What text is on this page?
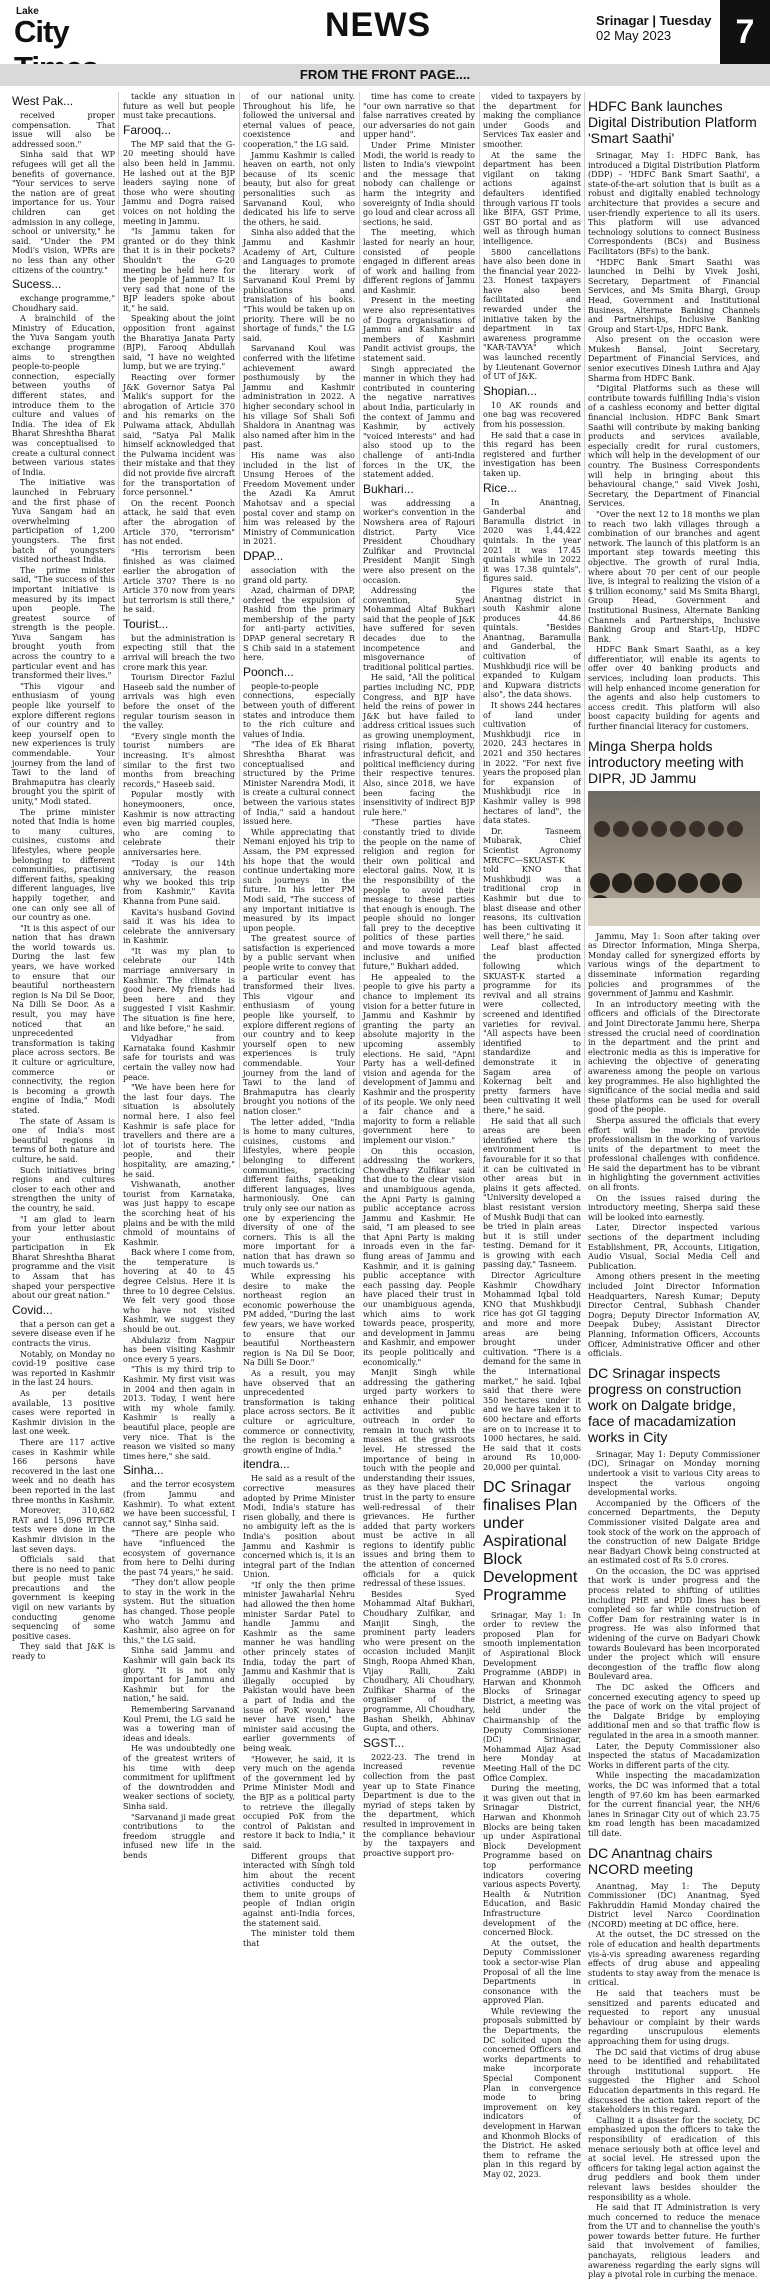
Lake
City	NEWS	Srinagar | Tuesday
02 May 2023	7
FROM THE FRONT PAGE....
West Pak...

received proper compensation. That issue will also be addressed soon."

Sinha said that WP refugees will get all the benefits of governance. "Your services to serve the nation are of great importance for us. Your children can get admission in any college, school or university," he said. "Under the PM Modi's vision, WPRs are no less than any other citizens of the country."

Sucess...

exchange programme," Choudhary said.

A brainchild of the Ministry of Education, the Yuva Sangam youth exchange programme aims to strengthen people-to-people connection, especially between youths of different states, and introduce them to the culture and values of India. The idea of Ek Bharat Shreshtha Bharat was conceptualised to create a cultural connect between various states of India.

The initiative was launched in February and the first phase of Yuva Sangam had an overwhelming participation of 1,200 youngsters. The first batch of youngsters visited northeast India.

The prime minister said, "The success of this important initiative is measured by its impact upon people. The greatest source of strength is the people. Yuva Sangam has brought youth from across the country to a particular event and has transformed their lives."

"This vigour and enthusiasm of young people like yourself to explore different regions of our country and to keep yourself open to new experiences is truly commendable. Your journey from the land of Tawi to the land of Brahmaputra has clearly brought you the spirit of unity," Modi stated.

The prime minister noted that India is home to many cultures, cuisines, customs and lifestyles, where people belonging to different communities, practising different faiths, speaking different languages, live happily together, and one can only see all of our country as one.

"It is this aspect of our nation that has drawn the world towards us. During the last few years, we have worked to ensure that our beautiful northeastern region is Na Dil Se Door, Na Dilli Se Door. As a result, you may have noticed that an unprecedented transformation is taking place across sectors. Be it culture or agriculture, commerce or connectivity, the region is becoming a growth engine of India," Modi stated.

The state of Assam is one of India's most beautiful regions in terms of both nature and culture, he said.

Such initiatives bring regions and cultures closer to each other and strengthen the unity of the country, he said.

"I am glad to learn from your letter about your enthusiastic participation in Ek Bharat Shreshtha Bharat programme and the visit to Assam that has shaped your perspective about our great nation."

Covid...

that a person can get a severe disease even if he contracts the virus.

Notably, on Monday no covid-19 positive case was reported in Kashmir in the last 24 hours.

As per details available, 13 positive cases were reported in Kashmir division in the last one week.

There are 117 active cases in Kashmir while 166 persons have recovered in the last one week and no death has been reported in the last three months in Kashmir.

Moreover, 310,682 RAT and 15,096 RTPCR tests were done in the Kashmir division in the last seven days.

Officials said that there is no need to panic but people must take precautions and the government is keeping vigil on new variants by conducting genome sequencing of some positive cases.

They said that J&K is ready to

tackle any situation in future as well but people must take precautions.

Farooq...

The MP said that the G-20 meeting should have also been held in Jammu. He lashed out at the BJP leaders saying none of those who were shouting Jammu and Dogra raised voices on not holding the meeting in Jammu.

"Is Jammu taken for granted or do they think that it is in their pockets? Shouldn't the G-20 meeting be held here for the people of Jammu? It is very sad that none of the BJP leaders spoke about it," he said.

Speaking about the joint opposition front against the Bharatiya Janata Party (BJP), Farooq Abdullah said, "I have no weighted lump, but we are trying."

Reacting over former J&K Governor Satya Pal Malik's support for the abrogation of Article 370 and his remarks on the Pulwama attack, Abdullah said, "Satya Pal Malik himself acknowledged that the Pulwama incident was their mistake and that they did not provide five aircraft for the transportation of force personnel."

On the recent Poonch attack, he said that even after the abrogation of Article 370, "terrorism" has not ended.

"His terrorism been finished as was claimed earlier the abrogation of Article 370? There is no Article 370 now from years but terrorism is still there," he said.

Tourist...

but the administration is expecting still that the arrival will breach the two crore mark this year.

Tourism Director Fazlul Haseeb said the number of arrivals was high even before the onset of the regular tourism season in the valley.

"Every single month the tourist numbers are increasing. It's almost similar to the first two months from breaching records," Haseeb said.

Popular mostly with honeymooners, once, Kashmir is now attracting even big married couples, who are coming to celebrate their anniversaries here.

"Today is our 14th anniversary, the reason why we booked this trip from Kashmir," Kavita Khanna from Pune said.

Kavita's husband Govind said it was his idea to celebrate the anniversary in Kashmir.

"It was my plan to celebrate our 14th marriage anniversary in Kashmir. The climate is good here. My friends had been here and they suggested I visit Kashmir. The situation is fine here, and like before," he said.

Vidyadhar from Karnataka found Kashmir safe for tourists and was certain the valley now had peace.

"We have been here for the last four days. The situation is absolutely normal here. I also feel Kashmir is safe place for travellers and there are a lot of tourists here. The people, and their hospitality, are amazing," he said.

Vishwanath, another tourist from Karnataka, was just happy to escape the scorching heat of his plains and be with the mild chmold of mountains of Kashmir.

Back where I come from, the temperature is hovering at 40 to 45 degree Celsius. Here it is three to 10 degree Celsius. We felt very good those who have not visited Kashmir, we suggest they should be out.

Abdulaziz from Nagpur has been visiting Kashmir once every 5 years.

"This is my third trip to Kashmir. My first visit was in 2004 and then again in 2013. Today, I went here with my whole family. Kashmir is really a beautiful place, people are very nice. That is the reason we visited so many times here," she said.

Sinha...

and the terror ecosystem (from Jammu and Kashmir). To what extent we have been successful, I cannot say," Sinha said.

"There are people who have "influenced the ecosystem of governance from here to Delhi during the past 74 years," he said.

"They don't allow people to stay in the work in the system. But the situation has changed. Those people who watch Jammu and Kashmir, also agree on for this," the LG said.

Sinha said Jammu and Kashmir will gain back its glory. "It is not only important for Jammu and Kashmir but for the nation," he said.

Remembering Sarvanand Koul Premi, the LG said he was a towering man of ideas and ideals.

He was undoubtedly one of the greatest writers of his time with deep commitment for upliftment of the downtrodden and weaker sections of society, Sinha said.

"Sarvanand ji made great contributions to the freedom struggle and infused new life in the bends

of our national unity. Throughout his life, he followed the universal and eternal values of peace, coexistence and cooperation," the LG said.

Jammu Kashmir is called heaven on earth, not only because of its scenic beauty, but also for great personalities such as Sarvanand Koul, who dedicated his life to serve the others, he said.

Sinha also added that the Jammu and Kashmir Academy of Art, Culture and Languages to promote the literary work of Sarvanand Koul Premi by publications and translation of his books. "This would be taken up on priority. There will be no shortage of funds," the LG said.

Sarvanand Koul was conferred with the lifetime achievement award posthumously by the Jammu and Kashmir administration in 2022. A higher secondary school in his village Sof Shali Sofi Shaldora in Anantnag was also named after him in the past.

His name was also included in the list of Unsung Heroes of the Freedom Movement under the Azadi Ka Amrut Mahotsav and a special postal cover and stamp on him was released by the Ministry of Communication in 2021.

DPAP...

association with the grand old party.

Azad, chairman of DPAP, ordered the expulsion of Rashid from the primary membership of the party for anti-party activities, DPAP general secretary R S Chib said in a statement here.

Poonch...

people-to-people connections, especially between youth of different states and introduce them to the rich culture and values of India.

"The idea of Ek Bharat Shreshtha Bharat was conceptualised and structured by the Prime Minister Narendra Modi, it is create a cultural connect between the various states of India," said a handout issued here.

While appreciating that Nemani enjoyed his trip to Assam, the PM expressed his hope that the would continue undertaking more such journeys in the future. In his letter PM Modi said, "The success of any important initiative is measured by its impact upon people.

The greatest source of satisfaction is experienced by a public servant when people write to convey that a particular event has transformed their lives. This vigour and enthusiasm of young people like yourself, to explore different regions of our country and to keep yourself open to new experiences is truly commendable. Your journey from the land of Tawi to the land of Brahmaputra has clearly brought you notions of the nation closer."

The letter added, "India is home to many cultures, cuisines, customs and lifestyles, where people belonging to different communities, practicing different faiths, speaking different languages, lives harmoniously. One can truly only see our nation as one by experiencing the diversity of one of the corners. This is all the more important for a nation that has drawn so much towards us."

While expressing his desire to make the northeast region an economic powerhouse the PM added, "During the last few years, we have worked to ensure that our beautiful Northeastern region is Na Dil Se Door, Na Dilli Se Door."

As a result, you may have observed that an unprecedented transformation is taking place across sectors. Be it culture or agriculture, commerce or connectivity, the region is becoming a growth engine of India."

itendra...

He said as a result of the corrective measures adopted by Prime Minister Modi, India's stature has risen globally, and there is no ambiguity left as the is India's position about Jammu and Kashmir is concerned which is, it is an integral part of the Indian Union.

"If only the then prime minister Jawaharlal Nehru had allowed the then home minister Sardar Patel to handle Jammu and Kashmir as the same manner he was handling other princely states of India, today the part of Jammu and Kashmir that is illegally occupied by Pakistan would have been a part of India and the issue of PoK would have never have risen," the minister said accusing the earlier governments of being weak.

"However, he said, it is very much on the agenda of the government led by Prime Minister Modi and the BJP as a political party to retrieve the illegally occupied PoK from the control of Pakistan and restore it back to India," it said.

Different groups that interacted with Singh told him about the recent activities conducted by them to unite groups of people of Indian origin against anti-India forces, the statement said.

The minister told them that

time has come to create "our own narrative so that false narratives created by our adversaries do not gain upper hand".

Under Prime Minister Modi, the world is ready to listen to India's viewpoint and the message that nobody can challenge or harm the integrity and sovereignty of India should go loud and clear across all sections, he said.

The meeting, which lasted for nearly an hour, consisted of people engaged in different areas of work and hailing from different regions of Jammu and Kashmir.

Present in the meeting were also representatives of Dogra organisations of Jammu and Kashmir and members of Kashmiri Pandit activist groups, the statement said.

Singh appreciated the manner in which they had contributed in countering the negative narratives about India, particularly in the context of Jammu and Kashmir, by actively "voiced interests" and had also stood up to the challenge of anti-India forces in the UK, the statement added.

Bukhari...

was addressing a worker's convention in the Nowshera area of Rajouri district. Party Vice President Choudhary Zulfikar and Provincial President Manjit Singh were also present on the occasion.

Addressing the convention, Syed Mohammad Altaf Bukhari said that the people of J&K have suffered for seven decades due to the incompetence and misgovernance of traditional political parties.

He said, "All the political parties including NC, PDP, Congress, and BJP have held the reins of power in J&K but have failed to address critical issues such as growing unemployment, rising inflation, poverty, infrastructural deficit, and political inefficiency during their respective tenures. Also, since 2018, we have been facing the insensitivity of indirect BJP rule here."

"These parties have constantly tried to divide the people on the name of religion and region for their own political and electoral gains. Now, it is the responsibility of the people to avoid their message to these parties that enough is enough. The people should no longer fall prey to the deceptive politics of these parties and move towards a more inclusive and unified future," Bukhari added.

He appealed to the people to give his party a chance to implement its vision for a better future in Jammu and Kashmir by granting the party an absolute majority in the upcoming assembly elections. He said, "Apni Party has a well-defined vision and agenda for the development of Jammu and Kashmir and the prosperity of its people. We only need a fair chance and a majority to form a reliable government here to implement our vision."

On this occasion, addressing the workers, Chowdhary Zulfikar said that due to the clear vision and unambiguous agenda, the Apni Party is gaining public acceptance across Jammu and Kashmir. He said, "I am pleased to see that Apni Party is making inroads even in the far-flung areas of Jammu and Kashmir, and it is gaining public acceptance with each passing day. People have placed their trust in our unambiguous agenda, which aims to work towards peace, prosperity, and development in Jammu and Kashmir, and empower its people politically and economically."

Manjit Singh while addressing the gathering urged party workers to enhance their political activities and public outreach in order to remain in touch with the masses at the grassroots level. He stressed the importance of being in touch with the people and understanding their issues, as they have placed their trust in the party to ensure well-redressal of their grievances. He further added that party workers must be active in all regions to identify public issues and bring them to the attention of concerned officials for a quick redressal of these issues.

Besides Syed Mohammad Altaf Bukhari, Choudhary Zulfikar, and Manjit Singh, the prominent party leaders who were present on the occasion included Manjit Singh, Roopa Ahmed Khan, Vijay Ralli, Zaki Choudhary, Ali Choudhary, Zulfikar Sharma of the organiser of the programme, Ali Choudhary, Bashan Sheikh, Abhinav Gupta, and others.

SGST...

2022-23. The trend in increased revenue collection from the past year up to State Finance Department is due to the myriad of steps taken by the department, which resulted in improvement in the compliance behaviour by the taxpayers and proactive support pro-

vided to taxpayers by the department for making the compliance under Goods and Services Tax easier and smoother.

At the same the department has been vigilant on taking actions against defaulters identified through various IT tools like BIFA, GST Prime, GST BO portal and as well as through human intelligence.

5800 cancellations have also been done in the financial year 2022-23. Honest taxpayers have also been facilitated and rewarded under the initiative taken by the department in tax awareness programme "KAR-TAVYA" which was launched recently by Lieutenant Governor of UT of J&K.

Shopian...

10 AK rounds and one bag was recovered from his possession.

He said that a case in this regard has been registered and further investigation has been taken up.

Rice...

In Anantnag, Ganderbal and Baramulla district in 2020 was 1,44,422 quintals. In the year 2021 it was 17.45 quintals while in 2022 it was 17.38 quintals", figures said.

Figures state that Anantnag district in south Kashmir alone produces 44.86 quintals. "Besides Anantnag, Baramulla and Ganderbal, the cultivation of Mushkbudji rice will be expanded to Kulgam and Kupwara districts also", the data shows.

It shows 244 hectares of land under cultivation of Mushkbudji rice in 2020, 243 hectares in 2021 and 350 hectares in 2022. "For next five years the proposed plan for expansion of Mushkbudji rice in Kashmir valley is 998 hectares of land", the data states.

Dr. Tasneem Mubarak, Chief Scientist Agronomy MRCFC—SKUAST-K told KNO that Mushkbudji was a traditional crop in Kashmir but due to blast disease and other reasons, its cultivation has been cultivating it well there," he said.

Leaf blast affected the production following which SKUAST-K started a programme for its revival and all strains were collected, screened and identified varieties for revival. "All aspects have been identified to standardize and demonstrate it in Sagam area of Kokernag belt and pretty farmers have been cultivating it well there," he said.

He said that all such areas are been identified where the environment is favourable for it so that it can be cultivated in other areas but in plains it gets affected. "University developed a blast resistant version of Mushk Budji that can be tried in plain areas but it is still under testing. Demand for it is growing with each passing day," Tasneem.

Director Agriculture Kashmir Chowdhary Mohammad Iqbal told KNO that Mushkbudji rice has got GI tagging and more and more areas are being brought under cultivation. "There is a demand for the same in the international market," he said. Iqbal said that there were 350 hectares under it and we have taken it to 600 hectare and efforts are on to increase it to 1000 hectares, he said. He said that it costs around Rs 10,000-20,000 per quintal.

DC Srinagar finalises Plan under Aspirational Block Development Programme

Srinagar, May 1: In order to review the proposed Plan for smooth implementation of Aspirational Block Development Programme (ABDP) in Harwan and Khonmoh Blocks of Srinagar District, a meeting was held under the Chairmanship of the Deputy Commissioner (DC) Srinagar, Mohammad Aijaz Asad here Monday at Meeting Hall of the DC Office Complex.

During the meeting, it was given out that in Srinagar District, Harwan and Khonmoh Blocks are being taken up under Aspirational Block Development Programme based on top performance indicators covering various aspects Poverty, Health & Nutrition Education, and Basic Infrastructure development of the concerned Block.

At the outset, the Deputy Commissioner took a sector-wise Plan Proposal of all the line Departments in consonance with the approved Plan.

While reviewing the proposals submitted by the Departments, the DC solicited upon the concerned Officers and works departments to make incorporate Special Component Plan in convergence mode to bring improvement on key indicators of development in Harwan and Khonmoh Blocks of the District. He asked them to reframe the plan in this regard by May 02, 2023.

HDFC Bank launches Digital Distribution Platform 'Smart Saathi'

Srinagar, May 1: HDFC Bank, has introduced a Digital Distribution Platform (DDP) – 'HDFC Bank Smart Saathi', a state-of-the-art solution that is built as a robust and digitally enabled technology architecture that provides a secure and user-friendly experience to all its users. This platform will use advanced technology solutions to connect Business Correspondents (BCs) and Business Facilitators (BFs) to the bank.

"HDFC Bank Smart Saathi was launched in Delhi by Vivek Joshi, Secretary, Department of Financial Services, and Ms Smita Bhargi, Group Head, Government and Institutional Business, Alternate Banking Channels and Partnerships, Inclusive Banking Group and Start-Ups, HDFC Bank.

Also present on the occasion were Mukesh Bansal, Joint Secretary, Department of Financial Services, and senior executives Dinesh Luthra and Ajay Sharma from HDFC Bank.

"Digital Platforms such as these will contribute towards fulfilling India's vision of a cashless economy and better digital financial inclusion. HDFC Bank Smart Saathi will contribute by making banking products and services available, especially credit for rural customers, which will help in the development of our country. The Business Correspondents will help in bringing about this behavioural change," said Vivek Joshi, Secretary, the Department of Financial Services.

"Over the next 12 to 18 months we plan to reach two lakh villages through a combination of our branches and agent network. The launch of this platform is an important step towards meeting this objective. The growth of rural India, where about 70 per cent of our people live, is integral to realizing the vision of a $ trillion economy," said Ms Smita Bhargi, Group Head, Government and Institutional Business, Alternate Banking Channels and Partnerships, Inclusive Banking Group and Start-Up, HDFC Bank.

HDFC Bank Smart Saathi, as a key differentiator, will enable its agents to offer over 40 banking products and services, including loan products. This will help enhanced income generation for the agents and also help customers to access credit. This platform will also boost capacity building for agents and further financial literacy for customers.

Minga Sherpa holds introductory meeting with DIPR, JD Jammu

Jammu, May 1: Soon after taking over as Director Information, Minga Sherpa, Monday called for synergized efforts by various wings of the department to disseminate information regarding policies and programmes of the government of Jammu and Kashmir.

In an introductory meeting with the officers and officials of the Directorate and Joint Directorate Jammu here, Sherpa stressed the crucial need of coordination in the department and the print and electronic media as this is imperative for achieving the objective of generating awareness among the people on various key programmes. He also highlighted the significance of the social media and said these platforms can be used for overall good of the people.

Sherpa assured the officials that every effort will be made to provide professionalism in the working of various units of the department to meet the professional challenges with confidence. He said the department has to be vibrant in highlighting the government activities on all fronts.

On the issues raised during the introductory meeting, Sherpa said these will be looked into earnestly.

Later, Director inspected various sections of the department including Establishment, PR, Accounts, Litigation, Audio Visual, Social Media Cell and Publication.

Among others present in the meeting included Joint Director Information Headquarters, Naresh Kumar; Deputy Director Central, Subhash Chander Dogra; Deputy Director Information AV, Deepak Dubey; Assistant Director Planning, Information Officers, Accounts Officer, Administrative Officer and other officials.

DC Srinagar inspects progress on construction work on Dalgate bridge, face of macadamization works in City

Srinagar, May 1: Deputy Commissioner (DC), Srinagar on Monday morning undertook a visit to various City areas to inspect the various ongoing developmental works.

Accompanied by the Officers of the concerned Departments, the Deputy Commissioner visited Dalgate area and took stock of the work on the approach of the construction of new Dalgate Bridge near Badyari Chowk being constructed at an estimated cost of Rs 5.0 crores.

On the occasion, the DC was apprised that work is under progress and the process related to shifting of utilities including PHE and PDD lines has been completed so far while construction of Coffer Dam for restraining water is in progress. He was also informed that widening of the curve on Badyari Chowk towards Boulevard has been incorporated under the project which will ensure decongestion of the traffic flow along Boulevard area.

The DC asked the Officers and concerned executing agency to speed up the pace of work on the vital project of the Dalgate Bridge by employing additional men and so that traffic flow is regulated in the area in a smooth manner.

Later, the Deputy Commissioner also inspected the status of Macadamization Works in different parts of the city.

While inspecting the macadamization works, the DC was informed that a total length of 97.60 km has been earmarked for the current financial year, the NH/6 lanes in Srinagar City out of which 23.75 km road length has been macadamized till date.

DC Anantnag chairs NCORD meeting

Anantnag, May 1: The Deputy Commissioner (DC) Anantnag, Syed Fakhruddin Hamid Monday chaired the District level Narco Coordination (NCORD) meeting at DC office, here.

At the outset, the DC stressed on the role of education and health departments vis-à-vis spreading awareness regarding effects of drug abuse and appealing students to stay away from the menace is critical.

He said that teachers must be sensitized and parents educated and requested to report any unusual behaviour or complaint by their wards regarding unscrupulous elements approaching them for using drugs.

The DC said that victims of drug abuse need to be identified and rehabilitated through institutional support. He suggested the Higher and School Education departments in this regard. He discussed the action taken report of the stakeholders in this regard.

Calling it a disaster for the society, DC emphasized upon the officers to take the responsibility of eradication of this menace seriously both at office level and at social level. He stressed upon the officers for taking legal action against the drug peddlers and book them under relevant laws besides shoulder the responsibility as a whole.

He said that IT Administration is very much concerned to reduce the menace from the UT and to channelise the youth's power towards better future. He further said that involvement of families, panchayats, religious leaders and awareness regarding the early signs will play a pivotal role in curbing the menace.
